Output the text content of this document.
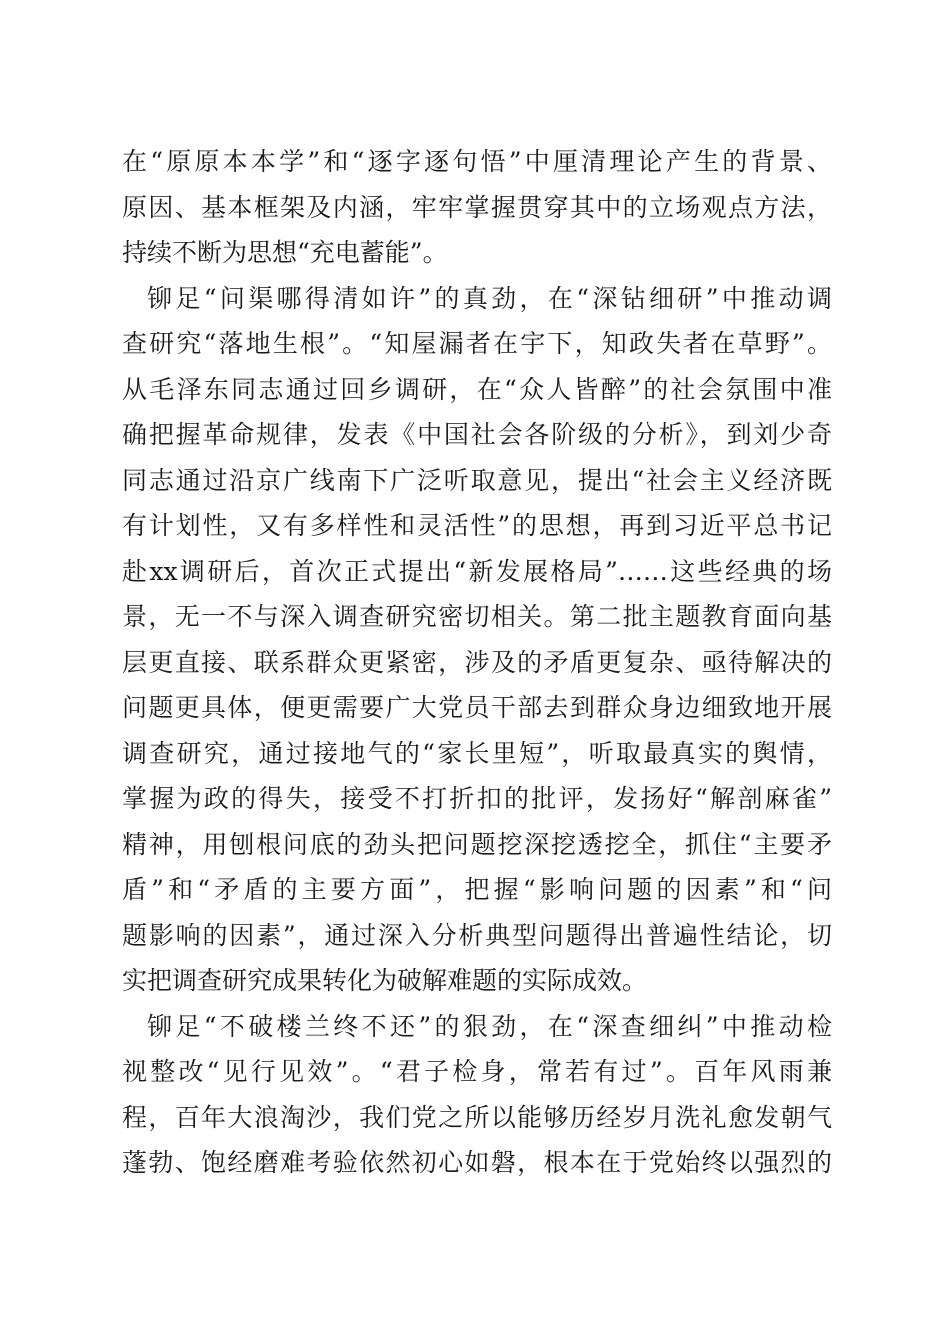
在“原原本本学”和“逐字逐句悟”中厘清理论产生的背景、
原因、基本框架及内涵，牢牢掌握贯穿其中的立场观点方法，
持续不断为思想“充电蓄能”。
铆足“问渠哪得清如许”的真劲，在“深钻细研”中推动调
查研究“落地生根”。“知屋漏者在宇下，知政失者在草野”。
从毛泽东同志通过回乡调研，在“众人皆醉”的社会氛围中准
确把握革命规律，发表《中国社会各阶级的分析》，到刘少奇
同志通过沿京广线南下广泛听取意见，提出“社会主义经济既
有计划性，又有多样性和灵活性”的思想，再到习近平总书记
赴xx调研后，首次正式提出“新发展格局”……这些经典的场
景，无一不与深入调查研究密切相关。第二批主题教育面向基
层更直接、联系群众更紧密，涉及的矛盾更复杂、亟待解决的
问题更具体，便更需要广大党员干部去到群众身边细致地开展
调查研究，通过接地气的“家长里短”，听取最真实的舆情，
掌握为政的得失，接受不打折扣的批评，发扬好“解剖麻雀”
精神，用刨根问底的劲头把问题挖深挖透挖全，抓住“主要矛
盾”和“矛盾的主要方面”，把握“影响问题的因素”和“问
题影响的因素”，通过深入分析典型问题得出普遍性结论，切
实把调查研究成果转化为破解难题的实际成效。
铆足“不破楼兰终不还”的狠劲，在“深查细纠”中推动检
视整改“见行见效”。“君子检身，常若有过”。百年风雨兼
程，百年大浪淘沙，我们党之所以能够历经岁月洗礼愈发朝气
蓬勃、饱经磨难考验依然初心如磐，根本在于党始终以强烈的
